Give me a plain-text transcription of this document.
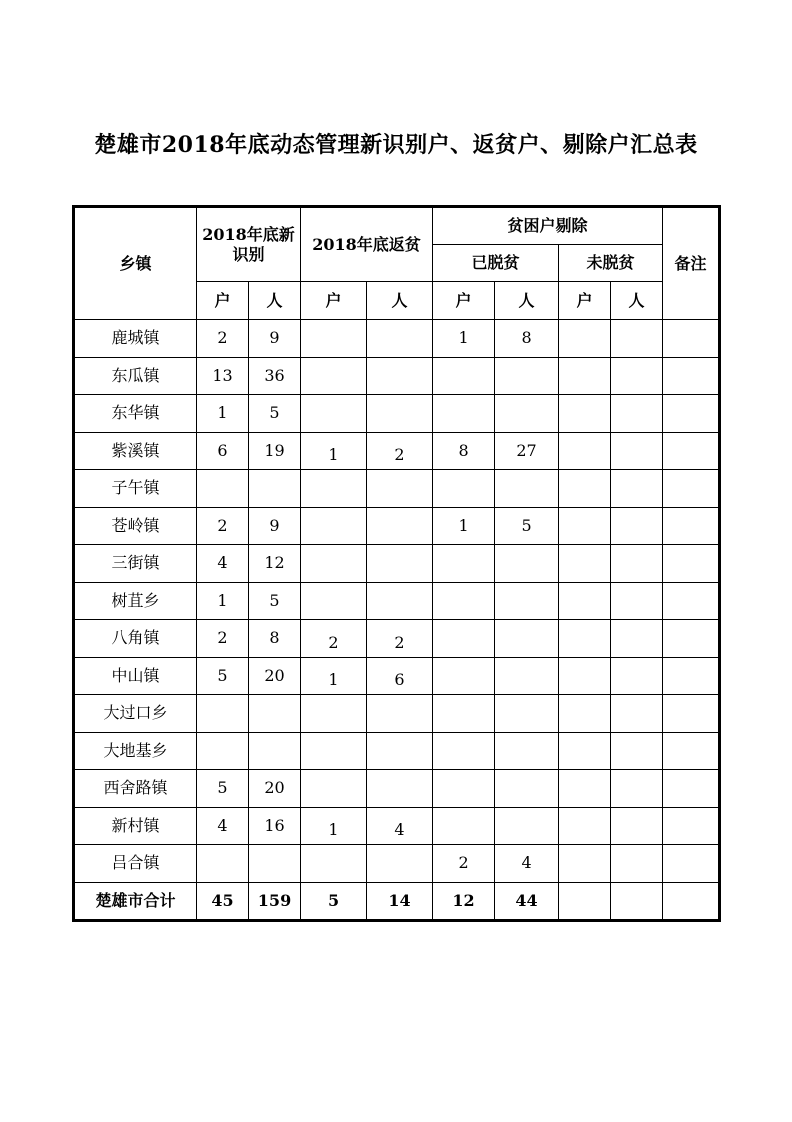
楚雄市2018年底动态管理新识别户、返贫户、剔除户汇总表
乡镇	2018年底新识别		2018年底返贫		贫困户剔除				备注
					已脱贫		未脱贫		
	户	人	户	人	户	人	户	人	
鹿城镇	2	9			1	8			
东瓜镇	13	36							
东华镇	1	5							
紫溪镇	6	19	1	2	8	27			
子午镇									
苍岭镇	2	9			1	5			
三街镇	4	12							
树苴乡	1	5							
八角镇	2	8	2	2					
中山镇	5	20	1	6					
大过口乡									
大地基乡									
西舍路镇	5	20							
新村镇	4	16	1	4					
吕合镇					2	4			
楚雄市合计	45	159	5	14	12	44			
